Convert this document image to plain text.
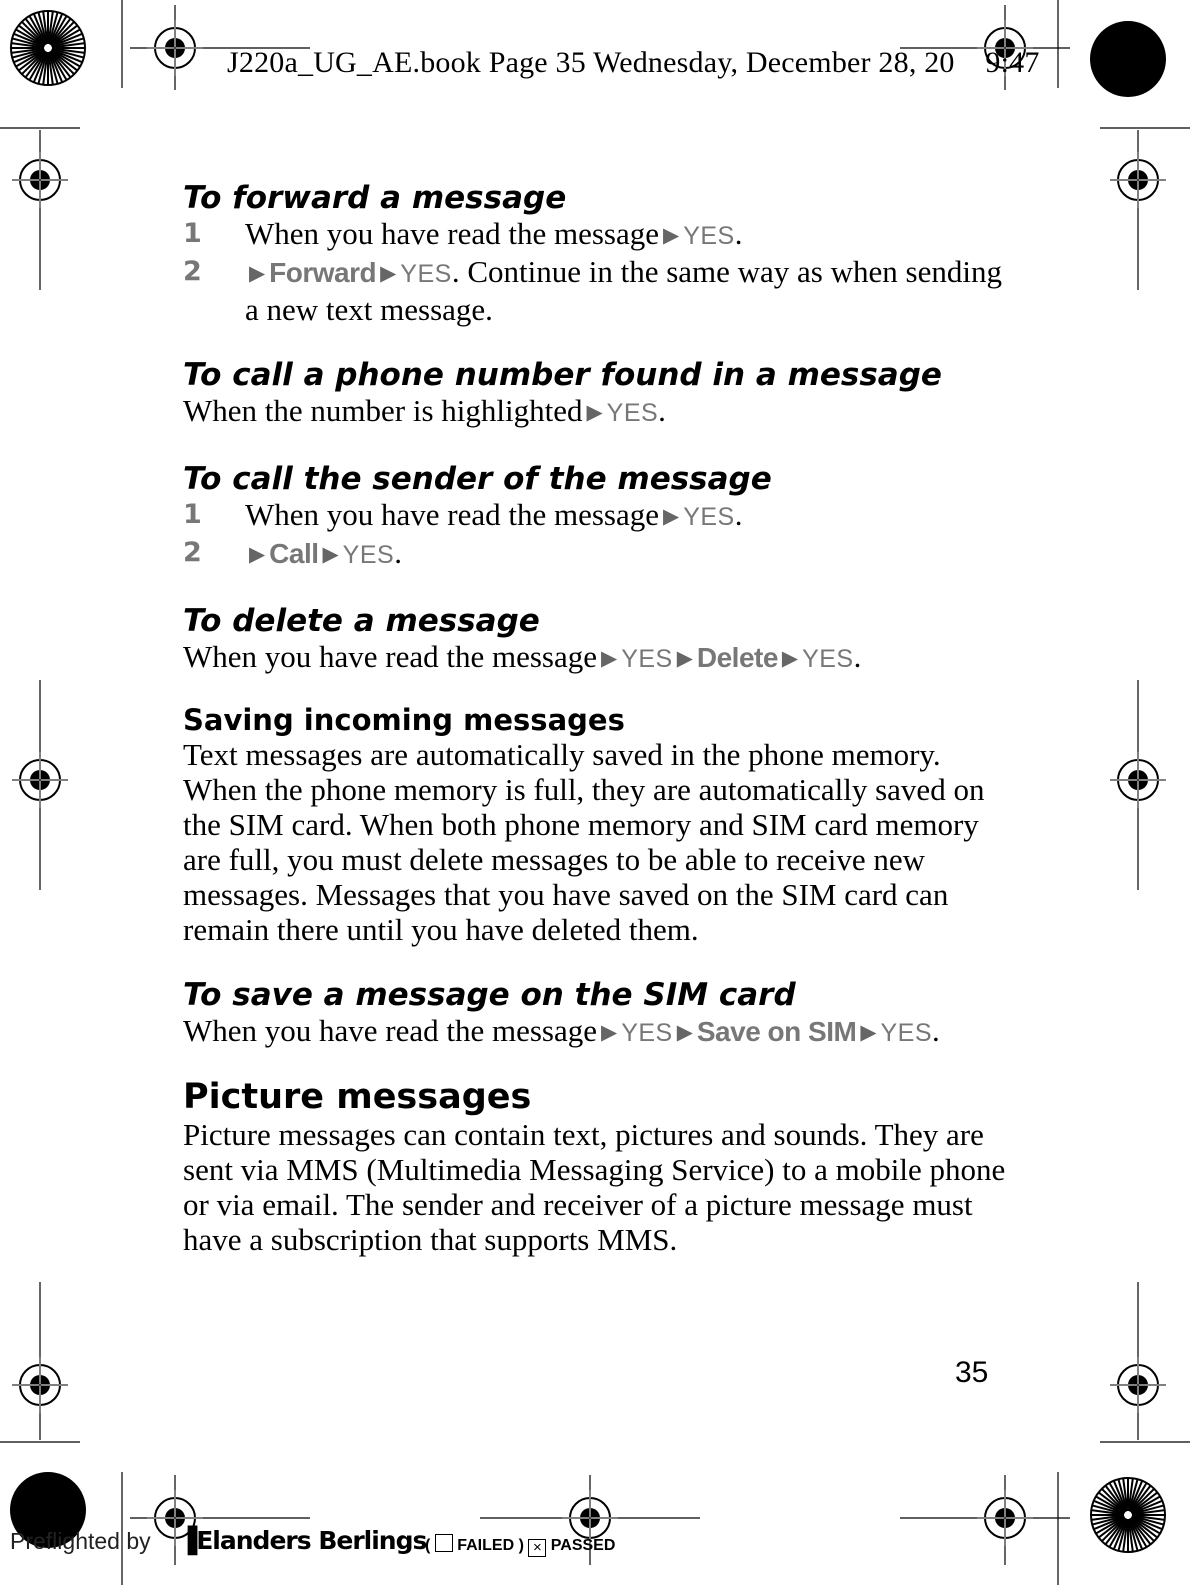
J220a_UG_AE.book Page 35 Wednesday, December 28, 20    9:47
To forward a message
1 When you have read the message ▶ YES.
2 ▶ Forward ▶ YES. Continue in the same way as when sending a new text message.
To call a phone number found in a message

When the number is highlighted ▶ YES.

To call the sender of the message
1 When you have read the message ▶ YES.
2 ▶ Call ▶ YES.
To delete a message

When you have read the message ▶ YES ▶ Delete ▶ YES.

Saving incoming messages

Text messages are automatically saved in the phone memory. When the phone memory is full, they are automatically saved on the SIM card. When both phone memory and SIM card memory are full, you must delete messages to be able to receive new messages. Messages that you have saved on the SIM card can remain there until you have deleted them.

To save a message on the SIM card

When you have read the message ▶ YES ▶ Save on SIM ▶ YES.

Picture messages

Picture messages can contain text, pictures and sounds. They are sent via MMS (Multimedia Messaging Service) to a mobile phone or via email. The sender and receiver of a picture message must have a subscription that supports MMS.

35
Preflighted by ▐Elanders Berlings
(  FAILED ) × PASSED
